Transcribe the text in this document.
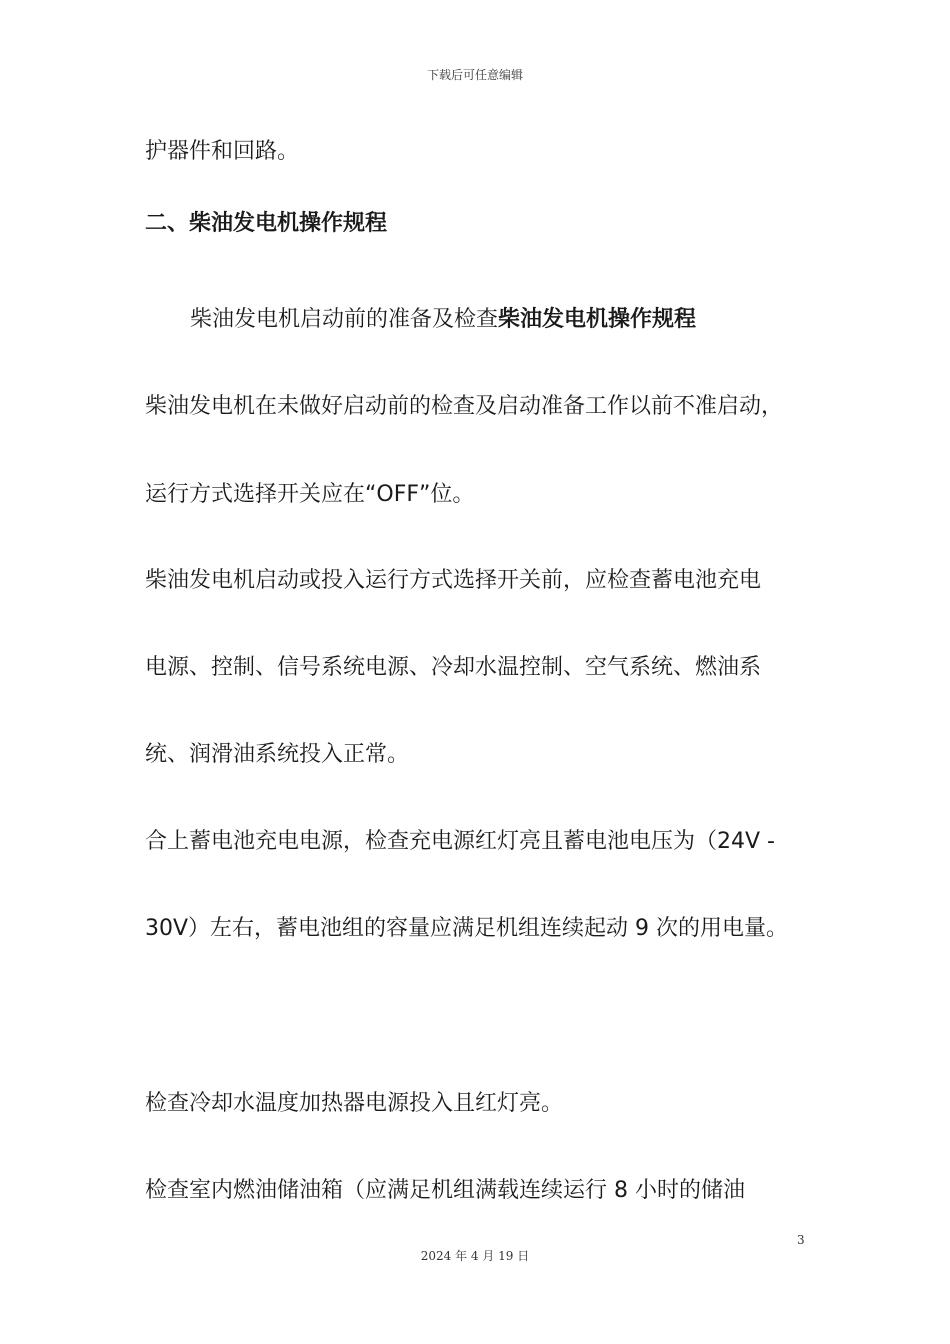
下载后可任意编辑
护器件和回路。
二、柴油发电机操作规程
柴油发电机启动前的准备及检查柴油发电机操作规程
柴油发电机在未做好启动前的检查及启动准备工作以前不准启动，
运行方式选择开关应在“OFF”位。
柴油发电机启动或投入运行方式选择开关前，应检查蓄电池充电
电源、控制、信号系统电源、冷却水温控制、空气系统、燃油系
统、润滑油系统投入正常。
合上蓄电池充电电源，检查充电源红灯亮且蓄电池电压为（24V -
30V）左右，蓄电池组的容量应满足机组连续起动 9 次的用电量。
检查冷却水温度加热器电源投入且红灯亮。
检查室内燃油储油箱（应满足机组满载连续运行 8 小时的储油
3
2024 年 4 月 19 日
